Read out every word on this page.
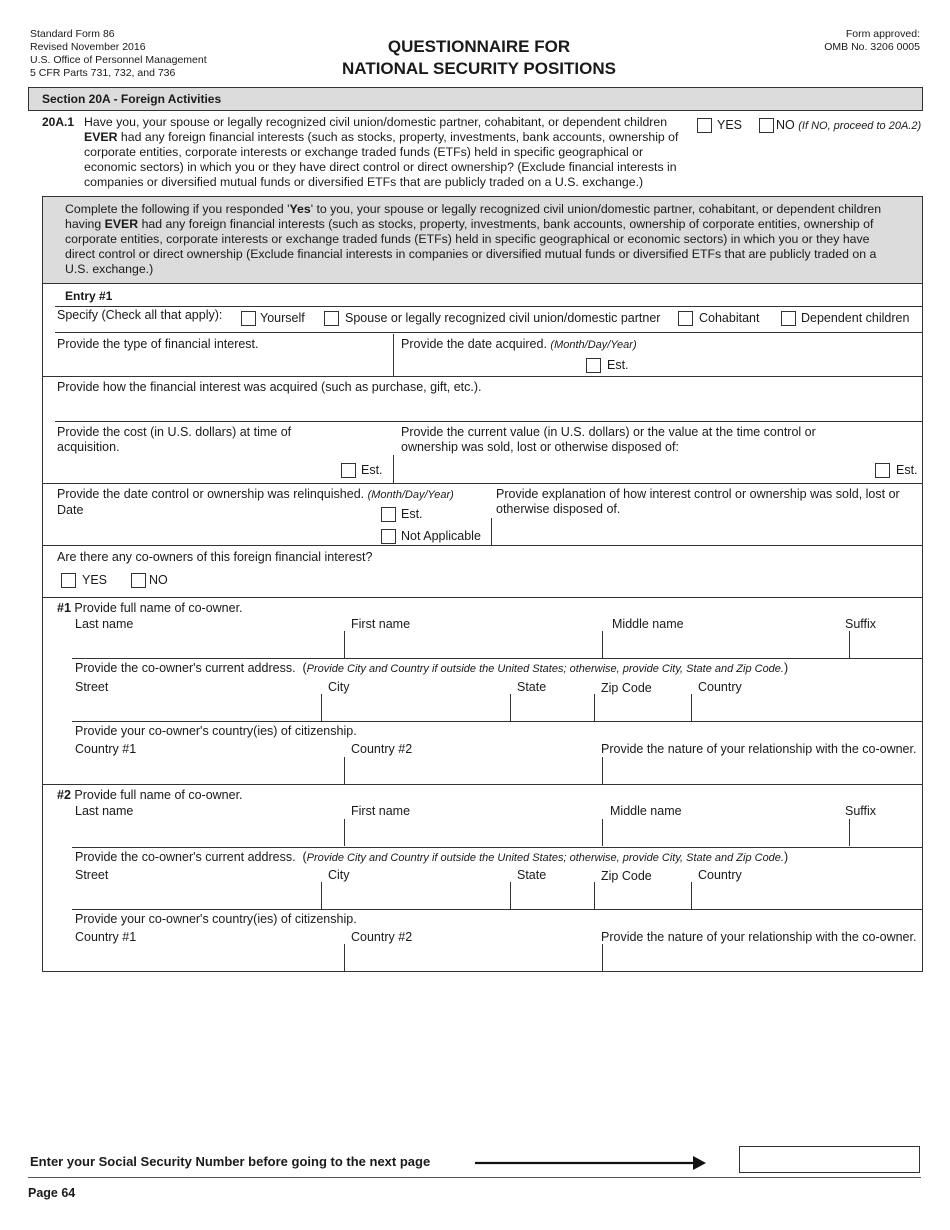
Standard Form 86
Revised November 2016
U.S. Office of Personnel Management
5 CFR Parts 731, 732, and 736
QUESTIONNAIRE FOR
NATIONAL SECURITY POSITIONS
Form approved:
OMB No. 3206 0005
Section 20A - Foreign Activities
20A.1 Have you, your spouse or legally recognized civil union/domestic partner, cohabitant, or dependent children EVER had any foreign financial interests (such as stocks, property, investments, bank accounts, ownership of corporate entities, corporate interests or exchange traded funds (ETFs) held in specific geographical or economic sectors) in which you or they have direct control or direct ownership? (Exclude financial interests in companies or diversified mutual funds or diversified ETFs that are publicly traded on a U.S. exchange.)
YES	NO (If NO, proceed to 20A.2)
Complete the following if you responded 'Yes' to you, your spouse or legally recognized civil union/domestic partner, cohabitant, or dependent children having EVER had any foreign financial interests (such as stocks, property, investments, bank accounts, ownership of corporate entities, ownership of corporate entities, corporate interests or exchange traded funds (ETFs) held in specific geographical or economic sectors) in which you or they have direct control or direct ownership (Exclude financial interests in companies or diversified mutual funds or diversified ETFs that are publicly traded on a U.S. exchange.)
Entry #1
Specify (Check all that apply):	Yourself	Spouse or legally recognized civil union/domestic partner	Cohabitant	Dependent children
Provide the type of financial interest.	Provide the date acquired. (Month/Day/Year)
Est.
Provide how the financial interest was acquired (such as purchase, gift, etc.).
Provide the cost (in U.S. dollars) at time of
acquisition.
Est.
Provide the current value (in U.S. dollars) or the value at the time control or
ownership was sold, lost or otherwise disposed of:
Est.
Provide the date control or ownership was relinquished. (Month/Day/Year)
Date	Est.
Not Applicable
Provide explanation of how interest control or ownership was sold, lost or
otherwise disposed of.
Are there any co-owners of this foreign financial interest?
YES	NO
#1 Provide full name of co-owner.
Last name	First name	Middle name	Suffix
Provide the co-owner's current address.  (Provide City and Country if outside the United States; otherwise, provide City, State and Zip Code.)
Street	City	State	Zip Code	Country
Provide your co-owner's country(ies) of citizenship.
Country #1	Country #2	Provide the nature of your relationship with the co-owner.
#2 Provide full name of co-owner.
Last name	First name	Middle name	Suffix
Provide the co-owner's current address.  (Provide City and Country if outside the United States; otherwise, provide City, State and Zip Code.)
Street	City	State	Zip Code	Country
Provide your co-owner's country(ies) of citizenship.
Country #1	Country #2	Provide the nature of your relationship with the co-owner.
Enter your Social Security Number before going to the next page
Page 64
